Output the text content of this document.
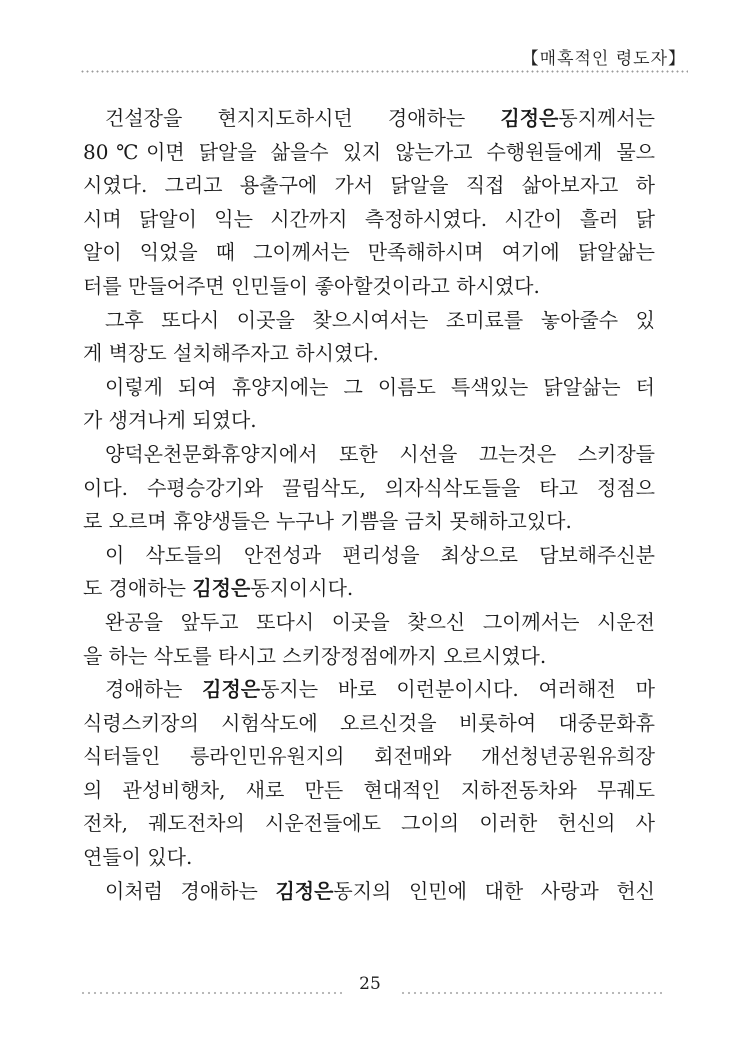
【매혹적인 령도자】
건설장을 현지지도하시던 경애하는 김정은동지께서는
80℃이면 닭알을 삶을수 있지 않는가고 수행원들에게 물으
시였다. 그리고 용출구에 가서 닭알을 직접 삶아보자고 하
시며 닭알이 익는 시간까지 측정하시였다. 시간이 흘러 닭
알이 익었을 때 그이께서는 만족해하시며 여기에 닭알삶는
터를 만들어주면 인민들이 좋아할것이라고 하시였다.
그후 또다시 이곳을 찾으시여서는 조미료를 놓아줄수 있
게 벽장도 설치해주자고 하시였다.
이렇게 되여 휴양지에는 그 이름도 특색있는 닭알삶는 터
가 생겨나게 되였다.
양덕온천문화휴양지에서 또한 시선을 끄는것은 스키장들
이다. 수평승강기와 끌림삭도, 의자식삭도들을 타고 정점으
로 오르며 휴양생들은 누구나 기쁨을 금치 못해하고있다.
이 삭도들의 안전성과 편리성을 최상으로 담보해주신분
도 경애하는 김정은동지이시다.
완공을 앞두고 또다시 이곳을 찾으신 그이께서는 시운전
을 하는 삭도를 타시고 스키장정점에까지 오르시였다.
경애하는 김정은동지는 바로 이런분이시다. 여러해전 마
식령스키장의 시험삭도에 오르신것을 비롯하여 대중문화휴
식터들인 릉라인민유원지의 회전매와 개선청년공원유희장
의 관성비행차, 새로 만든 현대적인 지하전동차와 무궤도
전차, 궤도전차의 시운전들에도 그이의 이러한 헌신의 사
연들이 있다.
이처럼 경애하는 김정은동지의 인민에 대한 사랑과 헌신
25
